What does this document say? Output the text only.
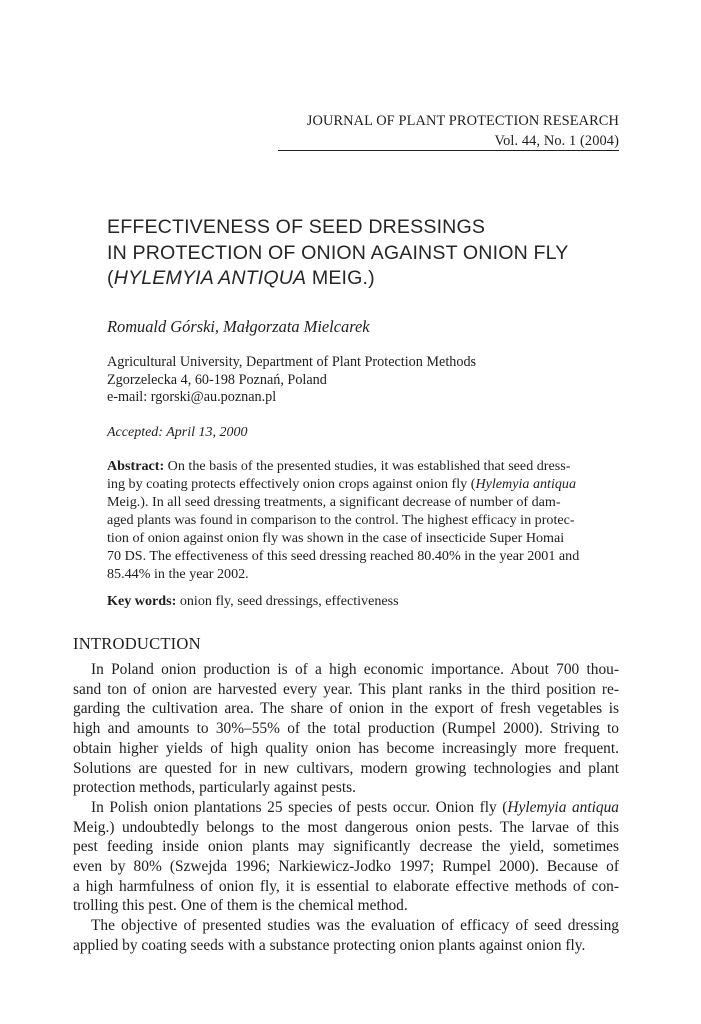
JOURNAL OF PLANT PROTECTION RESEARCH
Vol. 44, No. 1 (2004)
EFFECTIVENESS OF SEED DRESSINGS
IN PROTECTION OF ONION AGAINST ONION FLY
(HYLEMYIA ANTIQUA MEIG.)
Romuald Górski, Małgorzata Mielcarek
Agricultural University, Department of Plant Protection Methods
Zgorzelecka 4, 60-198 Poznań, Poland
e-mail: rgorski@au.poznan.pl
Accepted: April 13, 2000
Abstract: On the basis of the presented studies, it was established that seed dress-
ing by coating protects effectively onion crops against onion fly (Hylemyia antiqua
Meig.). In all seed dressing treatments, a significant decrease of number of dam-
aged plants was found in comparison to the control. The highest efficacy in protec-
tion of onion against onion fly was shown in the case of insecticide Super Homai
70 DS. The effectiveness of this seed dressing reached 80.40% in the year 2001 and
85.44% in the year 2002.
Key words: onion fly, seed dressings, effectiveness
INTRODUCTION
In Poland onion production is of a high economic importance. About 700 thou-
sand ton of onion are harvested every year. This plant ranks in the third position re-
garding the cultivation area. The share of onion in the export of fresh vegetables is
high and amounts to 30%–55% of the total production (Rumpel 2000). Striving to
obtain higher yields of high quality onion has become increasingly more frequent.
Solutions are quested for in new cultivars, modern growing technologies and plant
protection methods, particularly against pests.
In Polish onion plantations 25 species of pests occur. Onion fly (Hylemyia antiqua
Meig.) undoubtedly belongs to the most dangerous onion pests. The larvae of this
pest feeding inside onion plants may significantly decrease the yield, sometimes
even by 80% (Szwejda 1996; Narkiewicz-Jodko 1997; Rumpel 2000). Because of
a high harmfulness of onion fly, it is essential to elaborate effective methods of con-
trolling this pest. One of them is the chemical method.
The objective of presented studies was the evaluation of efficacy of seed dressing
applied by coating seeds with a substance protecting onion plants against onion fly.
